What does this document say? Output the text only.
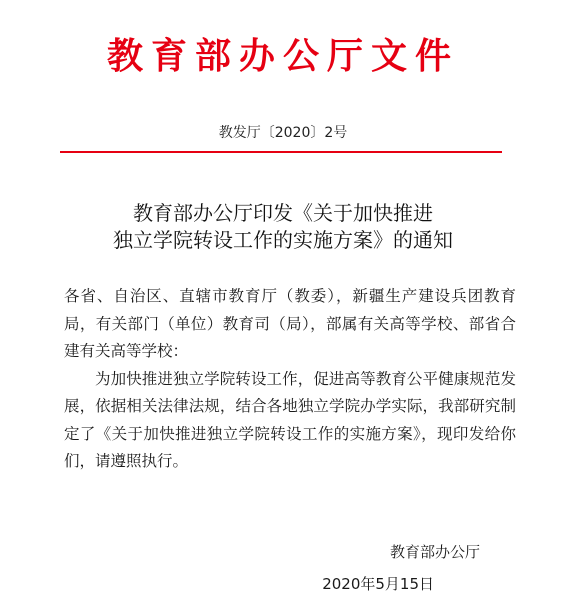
教育部办公厅文件
教发厅〔2020〕2号
教育部办公厅印发《关于加快推进
独立学院转设工作的实施方案》的通知

各省、自治区、直辖市教育厅（教委），新疆生产建设兵团教育局，有关部门（单位）教育司（局），部属有关高等学校、部省合建有关高等学校：

为加快推进独立学院转设工作，促进高等教育公平健康规范发展，依据相关法律法规，结合各地独立学院办学实际，我部研究制定了《关于加快推进独立学院转设工作的实施方案》，现印发给你们，请遵照执行。

教育部办公厅
2020年5月15日
